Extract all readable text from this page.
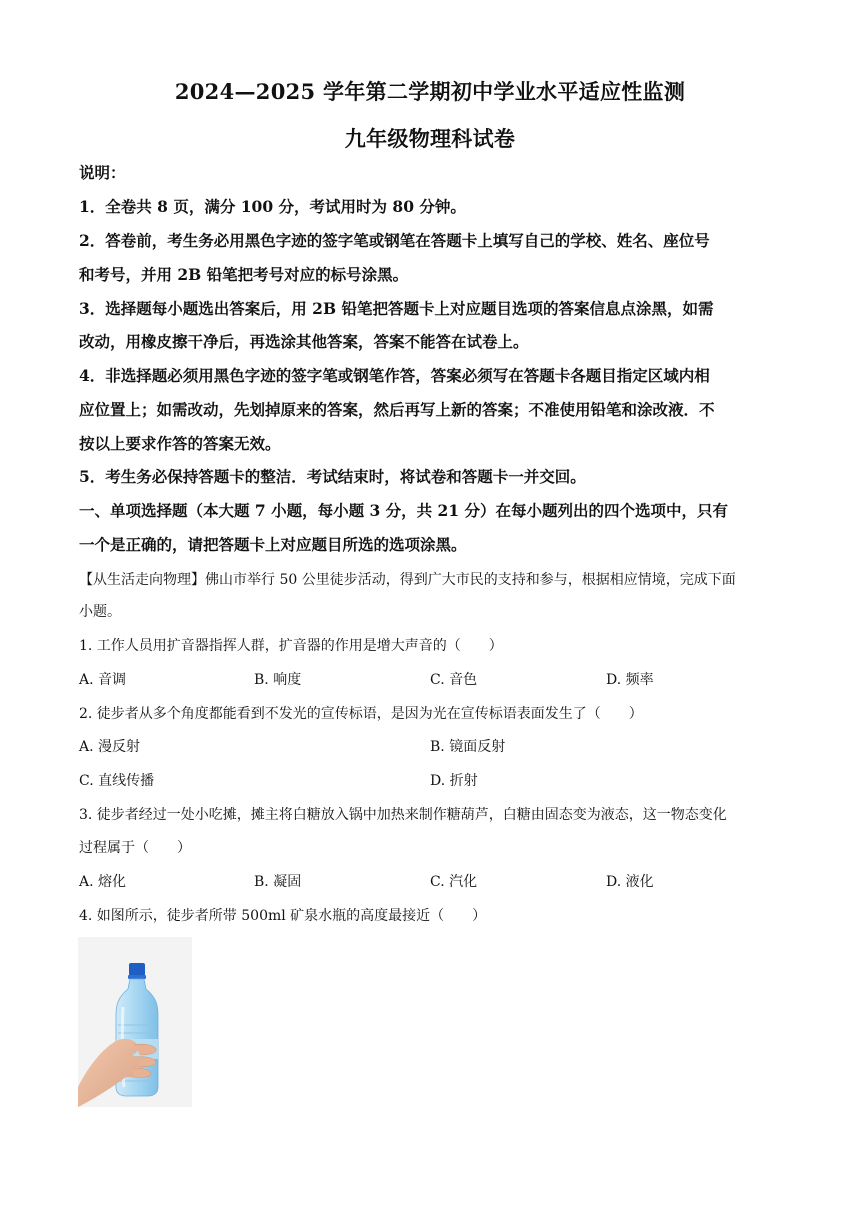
2024—2025 学年第二学期初中学业水平适应性监测
九年级物理科试卷
说明：
1．全卷共 8 页，满分 100 分，考试用时为 80 分钟。
2．答卷前，考生务必用黑色字迹的签字笔或钢笔在答题卡上填写自己的学校、姓名、座位号
和考号，并用 2B 铅笔把考号对应的标号涂黑。
3．选择题每小题选出答案后，用 2B 铅笔把答题卡上对应题目选项的答案信息点涂黑，如需
改动，用橡皮擦干净后，再选涂其他答案，答案不能答在试卷上。
4．非选择题必须用黑色字迹的签字笔或钢笔作答，答案必须写在答题卡各题目指定区域内相
应位置上；如需改动，先划掉原来的答案，然后再写上新的答案；不准使用铅笔和涂改液．不
按以上要求作答的答案无效。
5．考生务必保持答题卡的整洁．考试结束时，将试卷和答题卡一并交回。
一、单项选择题（本大题 7 小题，每小题 3 分，共 21 分）在每小题列出的四个选项中，只有
一个是正确的，请把答题卡上对应题目所选的选项涂黑。
【从生活走向物理】佛山市举行 50 公里徒步活动，得到广大市民的支持和参与，根据相应情境，完成下面
小题。
1. 工作人员用扩音器指挥人群，扩音器的作用是增大声音的（　　）
A. 音调	B. 响度	C. 音色	D. 频率
2. 徒步者从多个角度都能看到不发光的宣传标语，是因为光在宣传标语表面发生了（　　）
A. 漫反射	B. 镜面反射
C. 直线传播	D. 折射
3. 徒步者经过一处小吃摊，摊主将白糖放入锅中加热来制作糖葫芦，白糖由固态变为液态，这一物态变化
过程属于（　　）
A. 熔化	B. 凝固	C. 汽化	D. 液化
4. 如图所示，徒步者所带 500ml 矿泉水瓶的高度最接近（　　）
